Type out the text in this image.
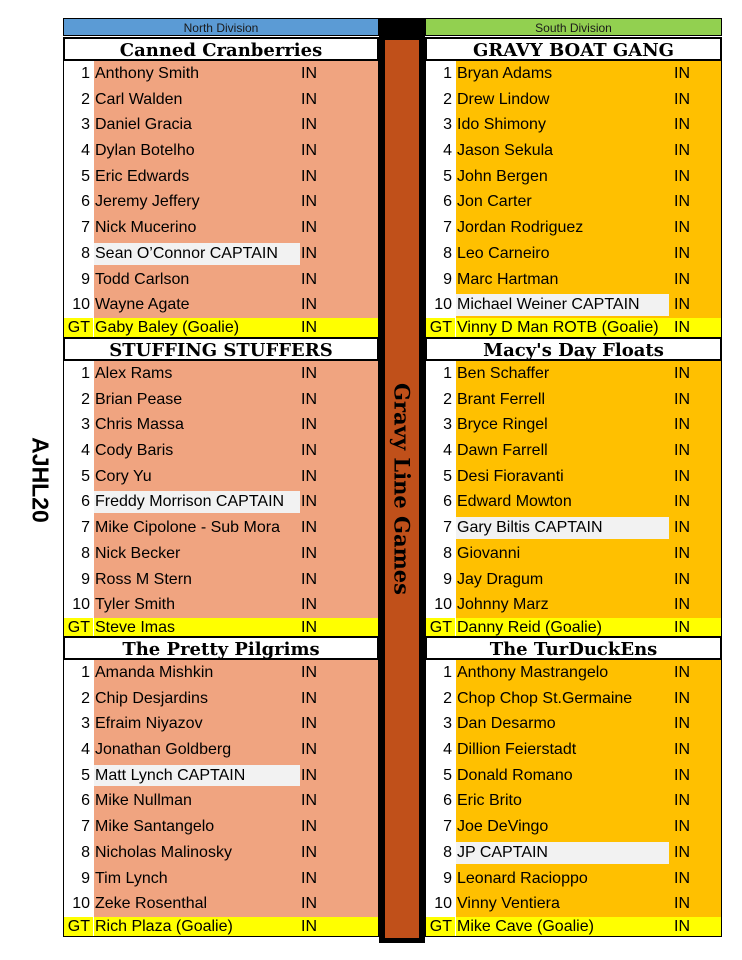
North Division	South Division
Gravy Line Games
AJHL20
Canned Cranberries
1 Anthony Smith	IN
2 Carl Walden	IN
3 Daniel Gracia	IN
4 Dylan Botelho	IN
5 Eric Edwards	IN
6 Jeremy Jeffery	IN
7 Nick Mucerino	IN
8 Sean O’Connor CAPTAIN IN
9 Todd Carlson	IN
10 Wayne Agate	IN
GT Gaby Baley (Goalie)	IN
GRAVY BOAT GANG
1 Bryan Adams	IN
2 Drew Lindow	IN
3 Ido Shimony	IN
4 Jason Sekula	IN
5 John Bergen	IN
6 Jon Carter	IN
7 Jordan Rodriguez	IN
8 Leo Carneiro	IN
9 Marc Hartman	IN
10 Michael Weiner CAPTAIN IN
GT Vinny D Man ROTB (Goalie) IN
STUFFING STUFFERS
1 Alex Rams	IN
2 Brian Pease	IN
3 Chris Massa	IN
4 Cody Baris	IN
5 Cory Yu	IN
6 Freddy Morrison CAPTAIN IN
7 Mike Cipolone - Sub Mora IN
8 Nick Becker	IN
9 Ross M Stern	IN
10 Tyler Smith	IN
GT Steve Imas	IN
Macy's Day Floats
1 Ben Schaffer	IN
2 Brant Ferrell	IN
3 Bryce Ringel	IN
4 Dawn Farrell	IN
5 Desi Fioravanti	IN
6 Edward Mowton	IN
7 Gary Biltis CAPTAIN	IN
8 Giovanni	IN
9 Jay Dragum	IN
10 Johnny Marz	IN
GT Danny Reid (Goalie)	IN
The Pretty Pilgrims
1 Amanda Mishkin	IN
2 Chip Desjardins	IN
3 Efraim Niyazov	IN
4 Jonathan Goldberg	IN
5 Matt Lynch CAPTAIN	IN
6 Mike Nullman	IN
7 Mike Santangelo	IN
8 Nicholas Malinosky	IN
9 Tim Lynch	IN
10 Zeke Rosenthal	IN
GT Rich Plaza (Goalie)	IN
The TurDuckEns
1 Anthony Mastrangelo	IN
2 Chop Chop St.Germaine	IN
3 Dan Desarmo	IN
4 Dillion Feierstadt	IN
5 Donald Romano	IN
6 Eric Brito	IN
7 Joe DeVingo	IN
8 JP CAPTAIN	IN
9 Leonard Racioppo	IN
10 Vinny Ventiera	IN
GT Mike Cave (Goalie)	IN
